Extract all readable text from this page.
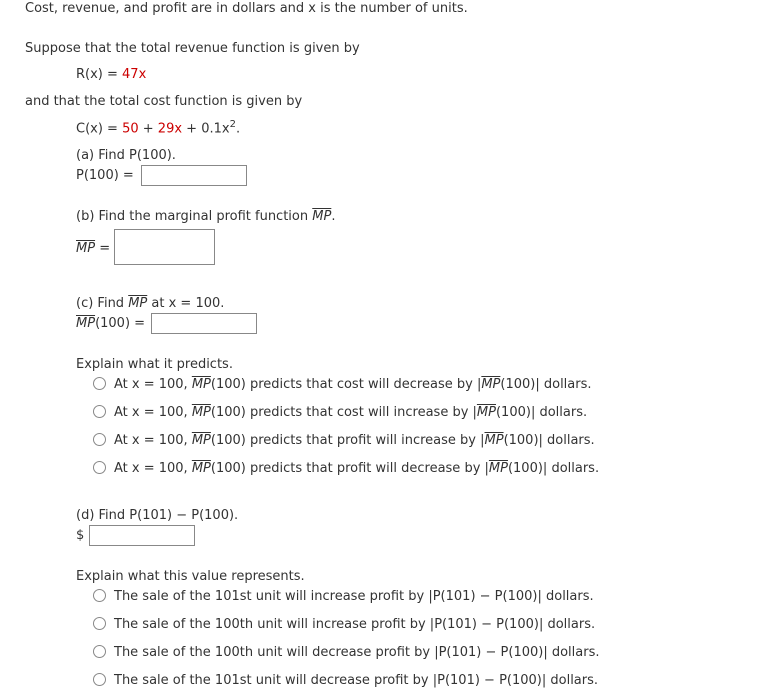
Cost, revenue, and profit are in dollars and x is the number of units.
Suppose that the total revenue function is given by
R(x) = 47x
and that the total cost function is given by
$C(x) = 50 + 29x + 0.1x^2$.
(a) Find P(100).
P(100) =
(b) Find the marginal profit function $\overline{MP}$.
$\overline{MP}$ =
(c) Find $\overline{MP}$ at x = 100.
$\overline{MP}(100)$ =
Explain what it predicts.
At x = 100, $\overline{MP}(100)$ predicts that cost will decrease by $|\overline{MP}(100)|$ dollars.
At x = 100, $\overline{MP}(100)$ predicts that cost will increase by $|\overline{MP}(100)|$ dollars.
At x = 100, $\overline{MP}(100)$ predicts that profit will increase by $|\overline{MP}(100)|$ dollars.
At x = 100, $\overline{MP}(100)$ predicts that profit will decrease by $|\overline{MP}(100)|$ dollars.
(d) Find P(101) − P(100).
$
Explain what this value represents.
The sale of the 101st unit will increase profit by |P(101) − P(100)| dollars.
The sale of the 100th unit will increase profit by |P(101) − P(100)| dollars.
The sale of the 100th unit will decrease profit by |P(101) − P(100)| dollars.
The sale of the 101st unit will decrease profit by |P(101) − P(100)| dollars.
